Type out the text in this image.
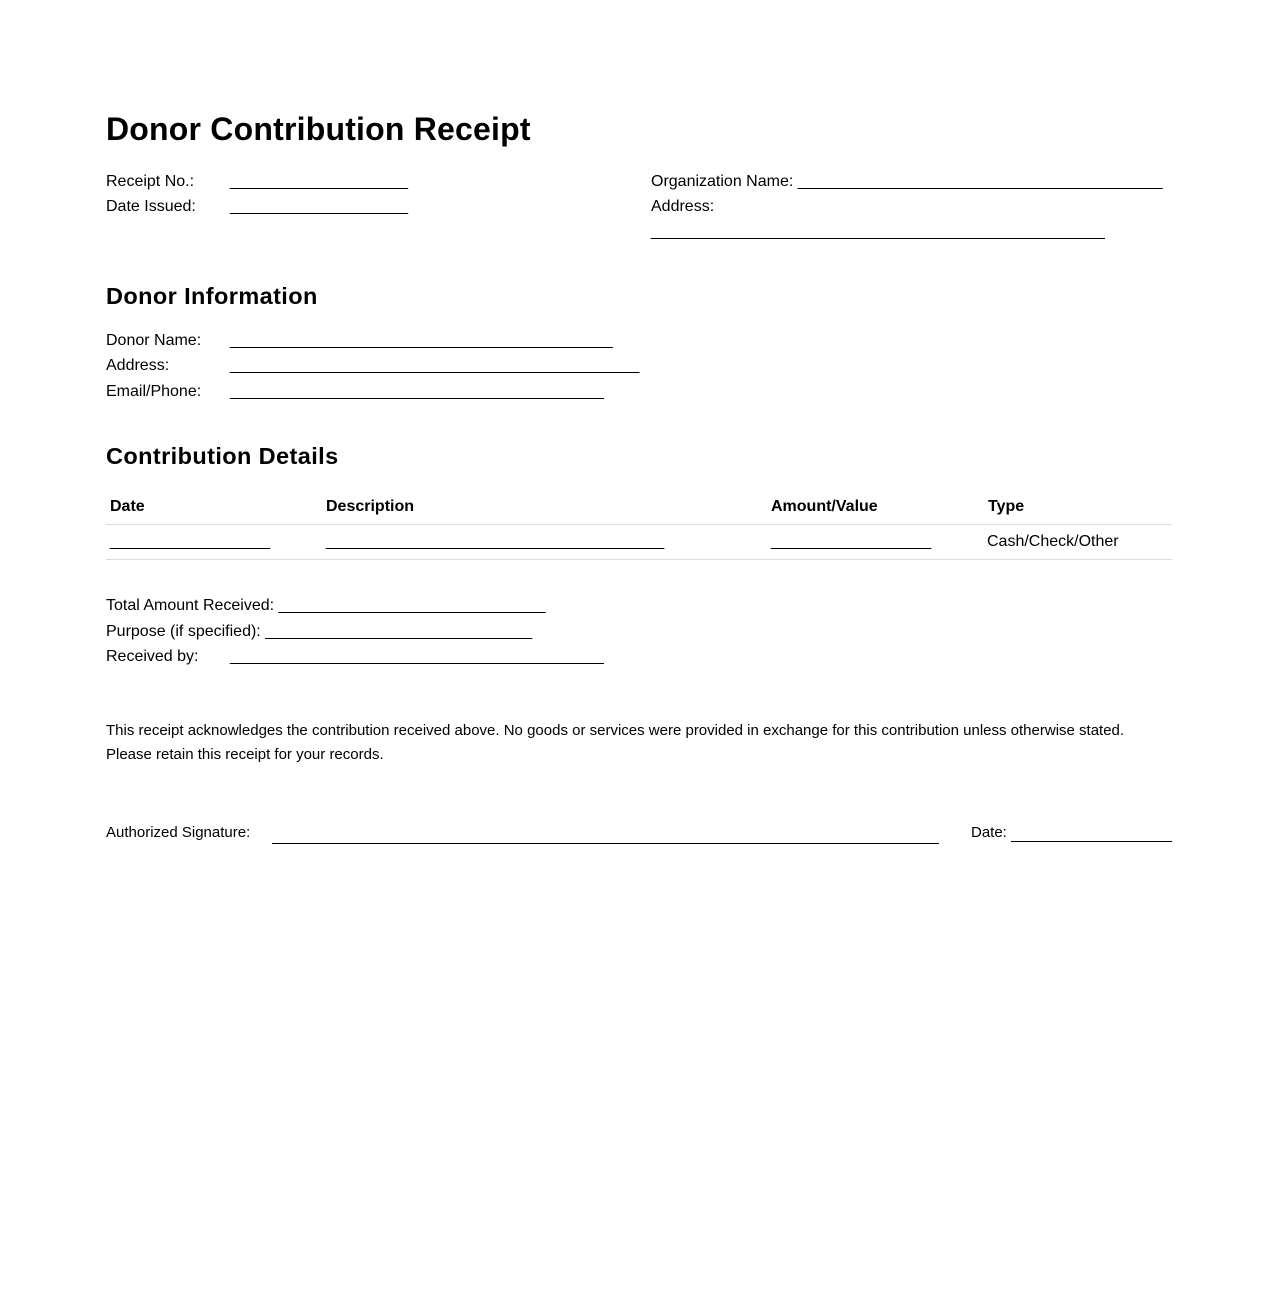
Donor Contribution Receipt
Receipt No.: ____________________
Date Issued: ____________________
Organization Name: _________________________________________
Address:
___________________________________________________
Donor Information
Donor Name: ___________________________________________
Address:	______________________________________________
Email/Phone: __________________________________________
Contribution Details
Date	Description	Amount/Value	Type
__________________	______________________________________	__________________	Cash/Check/Other
Total Amount Received: ______________________________
Purpose (if specified): ______________________________
Received by: __________________________________________
This receipt acknowledges the contribution received above. No goods or services were provided in exchange for this contribution unless otherwise stated.
Please retain this receipt for your records.
Authorized Signature:	Date:
